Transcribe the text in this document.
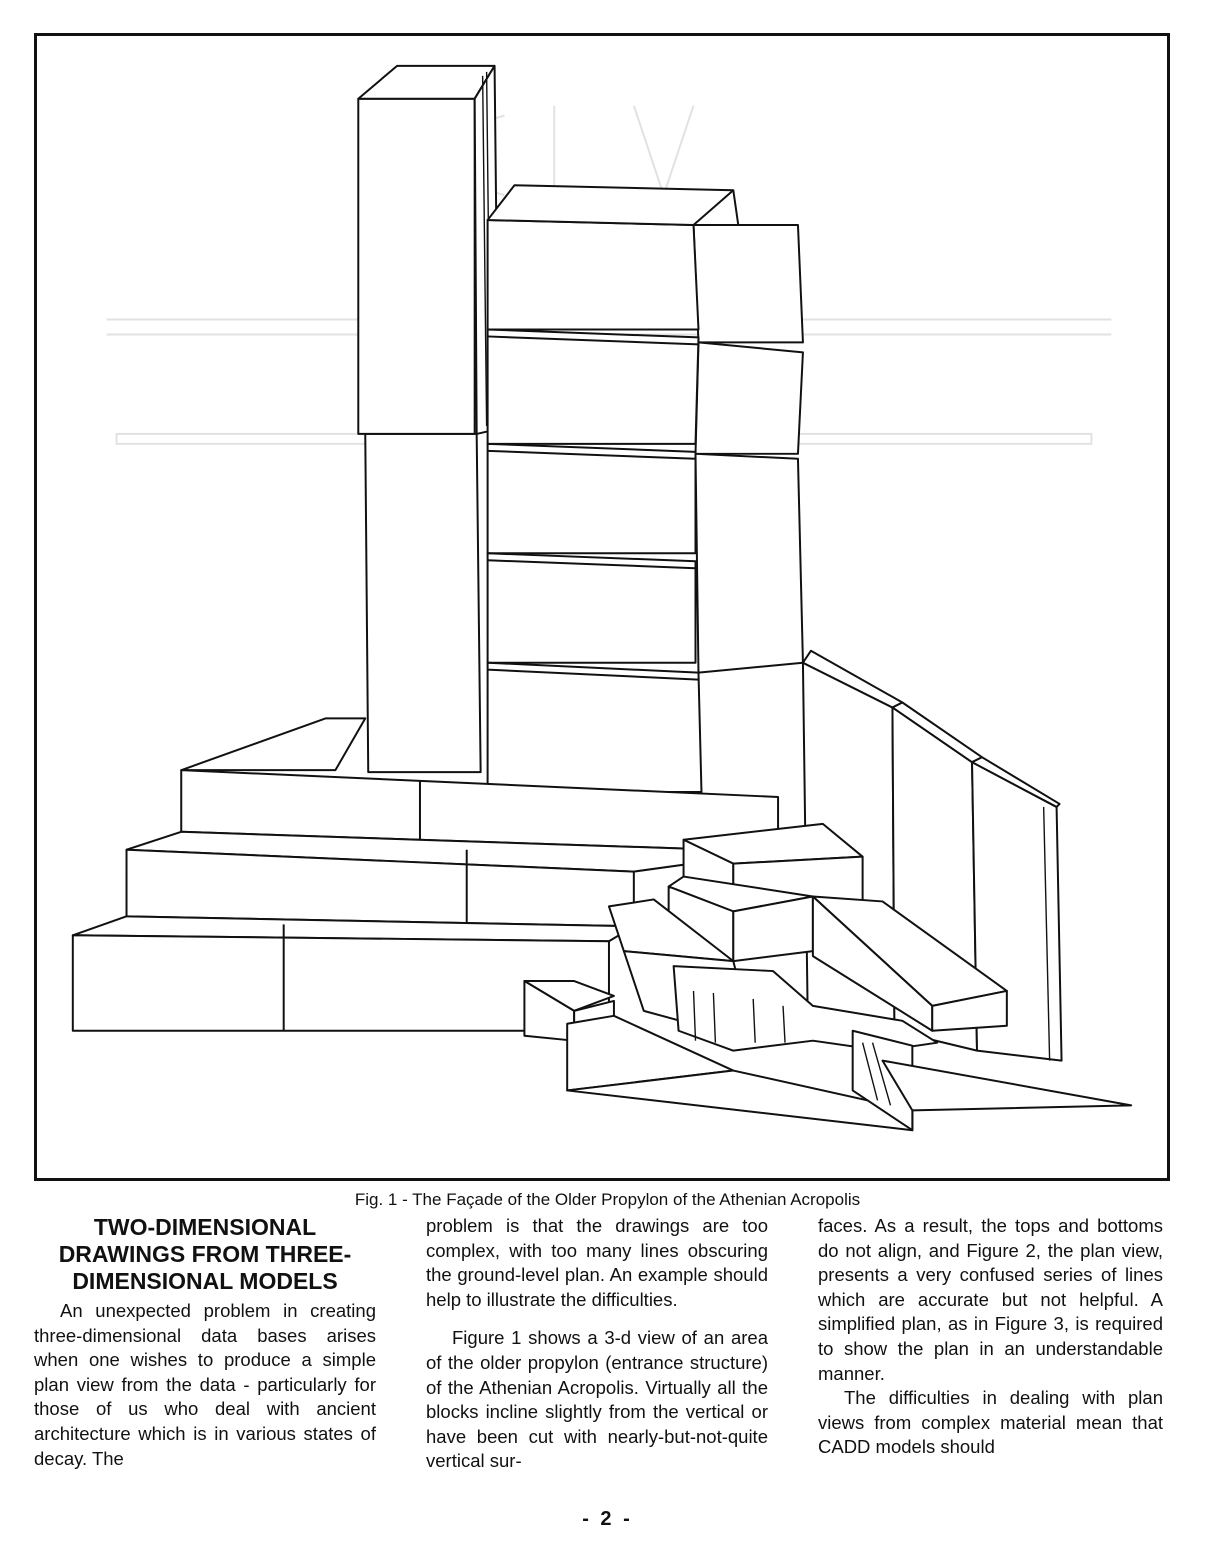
Fig. 1 - The Façade of the Older Propylon of the Athenian Acropolis
TWO-DIMENSIONAL
DRAWINGS FROM THREE-
DIMENSIONAL MODELS

An unexpected problem in creating three-dimensional data bases arises when one wishes to produce a simple plan view from the data - particularly for those of us who deal with ancient architecture which is in various states of decay. The

problem is that the drawings are too complex, with too many lines obscuring the ground-level plan. An example should help to illustrate the difficulties.

Figure 1 shows a 3-d view of an area of the older propylon (entrance structure) of the Athenian Acropolis. Virtually all the blocks incline slightly from the vertical or have been cut with nearly-but-not-quite vertical sur-

faces. As a result, the tops and bottoms do not align, and Figure 2, the plan view, presents a very confused series of lines which are accurate but not helpful. A simplified plan, as in Figure 3, is required to show the plan in an understandable manner.

The difficulties in dealing with plan views from complex material mean that CADD models should

- 2 -
